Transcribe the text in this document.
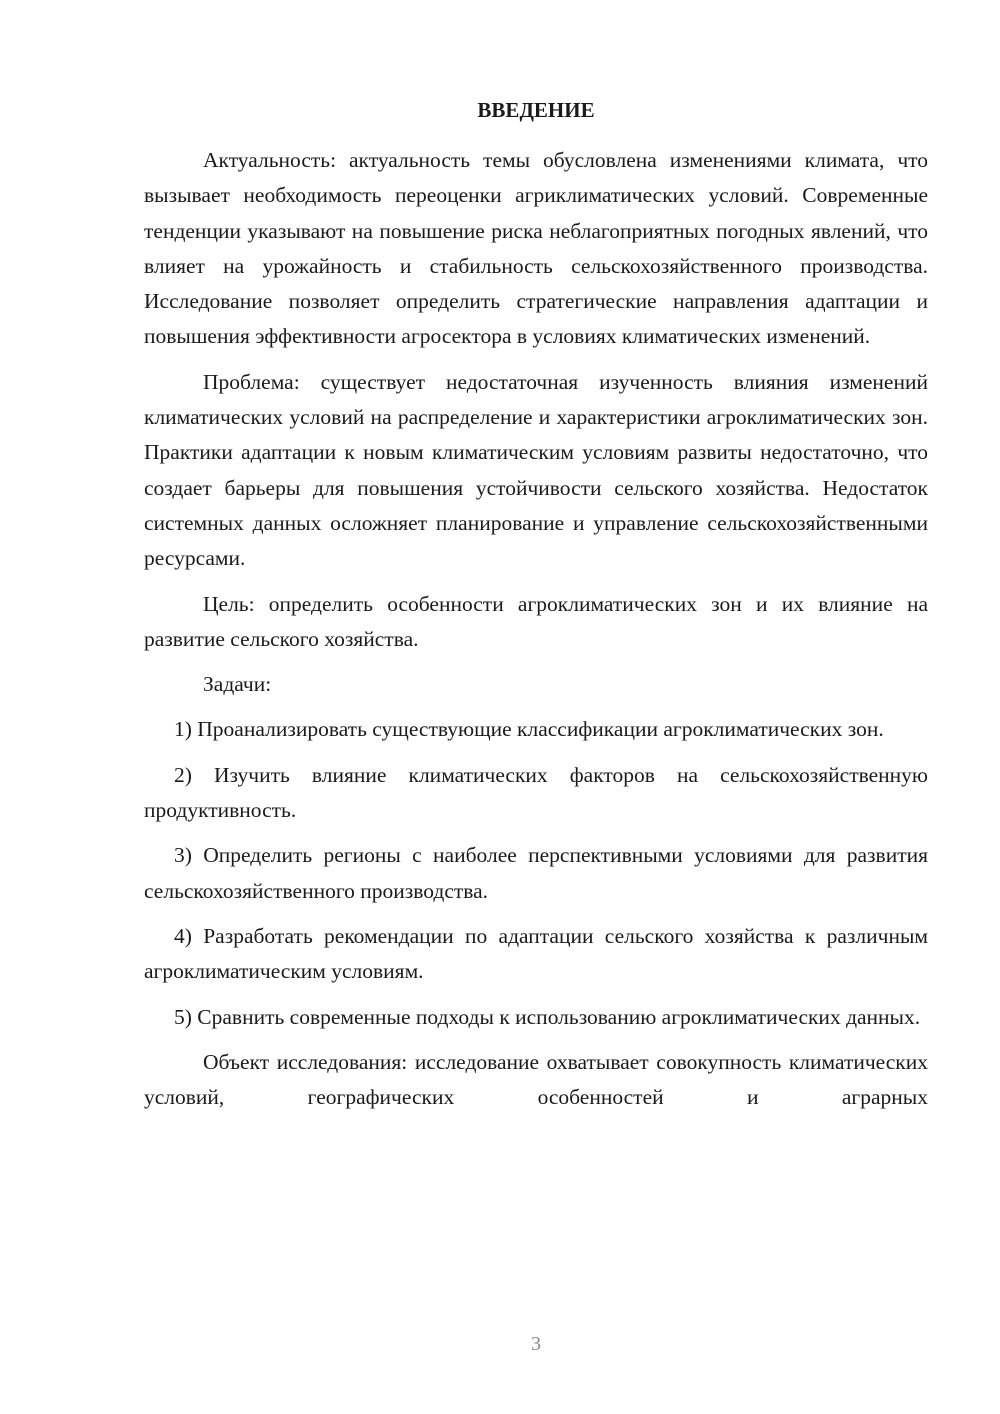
ВВЕДЕНИЕ

Актуальность: актуальность темы обусловлена изменениями климата, что вызывает необходимость переоценки агриклиматических условий. Современные тенденции указывают на повышение риска неблагоприятных погодных явлений, что влияет на урожайность и стабильность сельскохозяйственного производства. Исследование позволяет определить стратегические направления адаптации и повышения эффективности агросектора в условиях климатических изменений.

Проблема: существует недостаточная изученность влияния изменений климатических условий на распределение и характеристики агроклиматических зон. Практики адаптации к новым климатическим условиям развиты недостаточно, что создает барьеры для повышения устойчивости сельского хозяйства. Недостаток системных данных осложняет планирование и управление сельскохозяйственными ресурсами.

Цель: определить особенности агроклиматических зон и их влияние на развитие сельского хозяйства.

Задачи:

1) Проанализировать существующие классификации агроклиматических зон.

2) Изучить влияние климатических факторов на сельскохозяйственную продуктивность.

3) Определить регионы с наиболее перспективными условиями для развития сельскохозяйственного производства.

4) Разработать рекомендации по адаптации сельского хозяйства к различным агроклиматическим условиям.

5) Сравнить современные подходы к использованию агроклиматических данных.

Объект исследования: исследование охватывает совокупность климатических условий, географических особенностей и аграрных

3
